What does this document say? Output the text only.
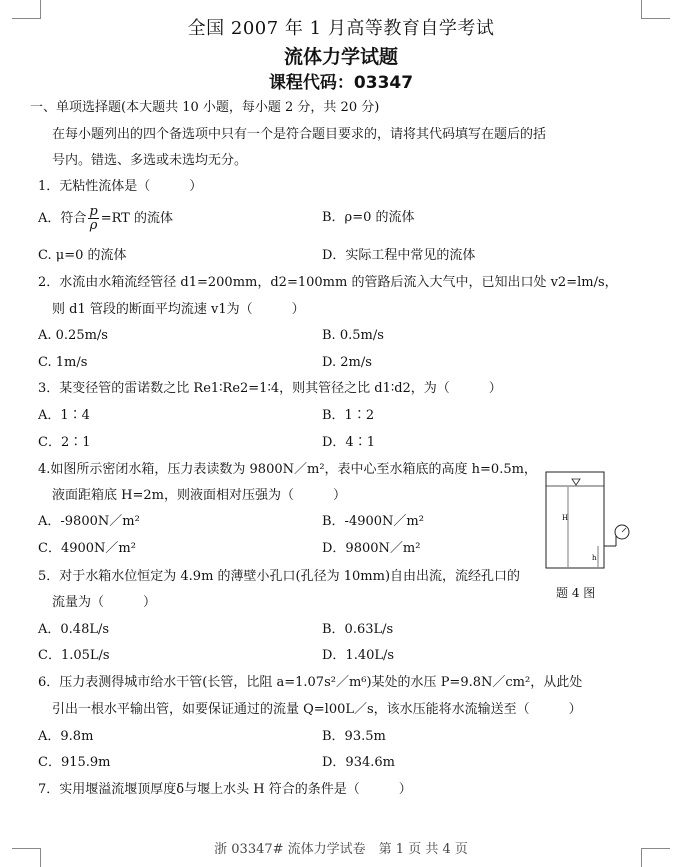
全国 2007 年 1 月高等教育自学考试
流体力学试题
课程代码：03347
一、单项选择题(本大题共 10 小题，每小题 2 分，共 20 分)
在每小题列出的四个备选项中只有一个是符合题目要求的，请将其代码填写在题后的括
号内。错选、多选或未选均无分。
1．无粘性流体是（　　　）
A．符合 $\frac{p}{\rho} =RT$ 的流体	B．ρ=0 的流体
C. μ=0 的流体	D．实际工程中常见的流体
2．水流由水箱流经管径 d1=200mm，d2=100mm 的管路后流入大气中，已知出口处 v2=lm/s，
则 d1 管段的断面平均流速 v1为（　　　）
A. 0.25m/s	B. 0.5m/s
C. 1m/s	D. 2m/s
3．某变径管的雷诺数之比 Re1∶Re2=1∶4，则其管径之比 d1∶d2，为（　　　）
A．1∶4	B．1∶2
C．2∶1	D．4∶1
4.如图所示密闭水箱，压力表读数为 9800N／m²，表中心至水箱底的高度 h=0.5m，
液面距箱底 H=2m，则液面相对压强为（　　　）
A．-9800N／m²	B．-4900N／m²
C．4900N／m²	D．9800N／m²
H
h
题 4 图
5．对于水箱水位恒定为 4.9m 的薄壁小孔口(孔径为 10mm)自由出流，流经孔口的
流量为（　　　）
A．0.48L/s	B．0.63L/s
C．1.05L/s	D．1.40L/s
6．压力表测得城市给水干管(长管，比阻 a=1.07s²／m⁶)某处的水压 P=9.8N／cm²，从此处
引出一根水平输出管，如要保证通过的流量 Q=l00L／s，该水压能将水流输送至（　　　）
A．9.8m	B．93.5m
C．915.9m	D．934.6m
7．实用堰溢流堰顶厚度δ与堰上水头 H 符合的条件是（　　　）
浙 03347# 流体力学试卷　第 1 页 共 4 页
